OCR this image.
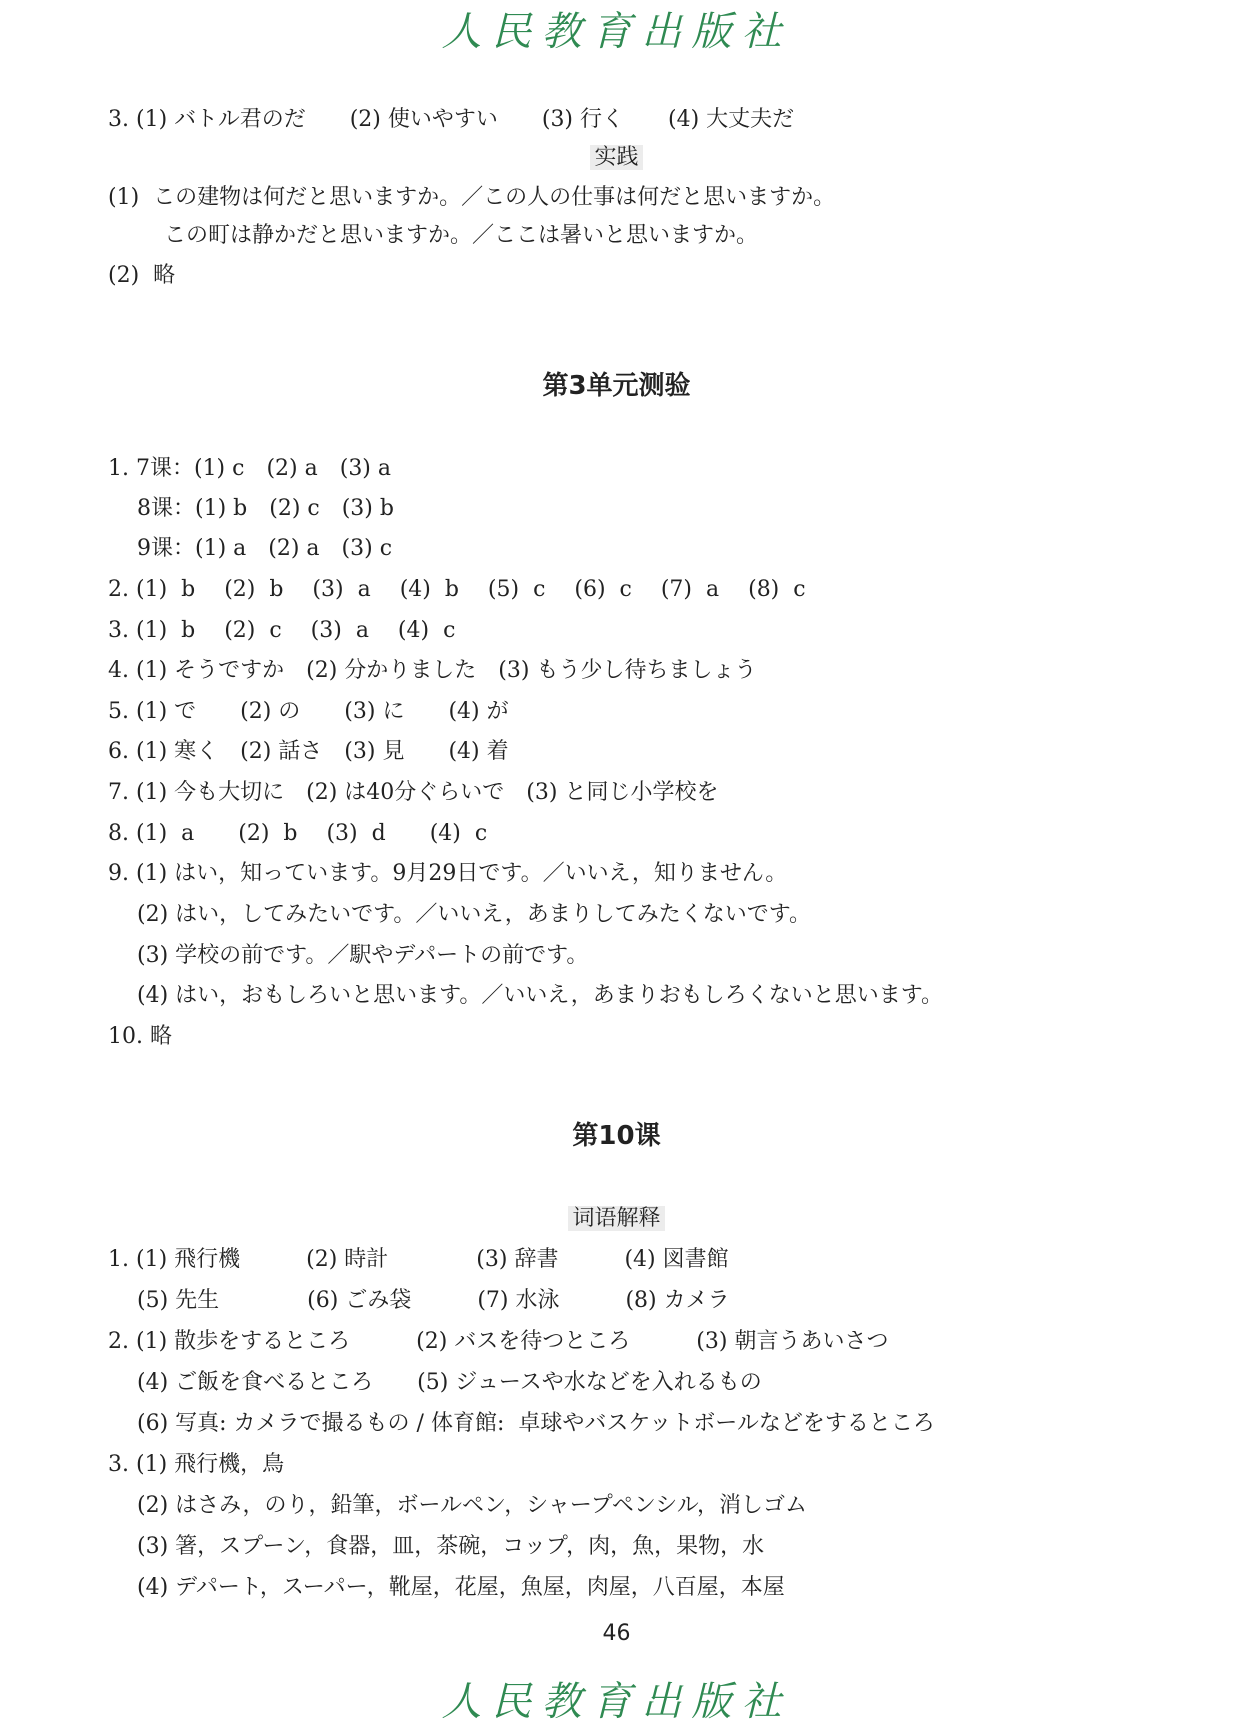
人民教育出版社

3. (1) バトル君のだ　　(2) 使いやすい　　(3) 行く　　(4) 大丈夫だ

实践

(1)  この建物は何だと思いますか。／この人の仕事は何だと思いますか。

この町は静かだと思いますか。／ここは暑いと思いますか。

(2)  略

第3单元测验

1. 7课：(1) c　(2) a　(3) a

8课：(1) b　(2) c　(3) b

9课：(1) a　(2) a　(3) c

2. (1)  b　 (2)  b　 (3)  a　 (4)  b　 (5)  c　 (6)  c　 (7)  a　 (8)  c

3. (1)  b　 (2)  c　 (3)  a　 (4)  c

4. (1) そうですか　(2) 分かりました　(3) もう少し待ちましょう

5. (1) で　　(2) の　　(3) に　　(4) が

6. (1) 寒く　(2) 話さ　(3) 見　　(4) 着

7. (1) 今も大切に　(2) は40分ぐらいで　(3) と同じ小学校を

8. (1)  a　　(2)  b　 (3)  d　　(4)  c

9. (1) はい，知っています。9月29日です。／いいえ，知りません。

(2) はい，してみたいです。／いいえ，あまりしてみたくないです。

(3) 学校の前です。／駅やデパートの前です。

(4) はい，おもしろいと思います。／いいえ，あまりおもしろくないと思います。

10. 略

第10课
词语解释

1. (1) 飛行機　　　(2) 時計　　　　(3) 辞書　　　(4) 図書館

(5) 先生　　　　(6) ごみ袋　　　(7) 水泳　　　(8) カメラ

2. (1) 散歩をするところ　　　(2) バスを待つところ　　　(3) 朝言うあいさつ

(4) ご飯を食べるところ　　(5) ジュースや水などを入れるもの

(6) 写真: カメラで撮るもの / 体育館:  卓球やバスケットボールなどをするところ

3. (1) 飛行機，鳥

(2) はさみ，のり，鉛筆，ボールペン，シャープペンシル，消しゴム

(3) 箸，スプーン，食器，皿，茶碗，コップ，肉，魚，果物，水

(4) デパート，スーパー，靴屋，花屋，魚屋，肉屋，八百屋，本屋

46
人民教育出版社
